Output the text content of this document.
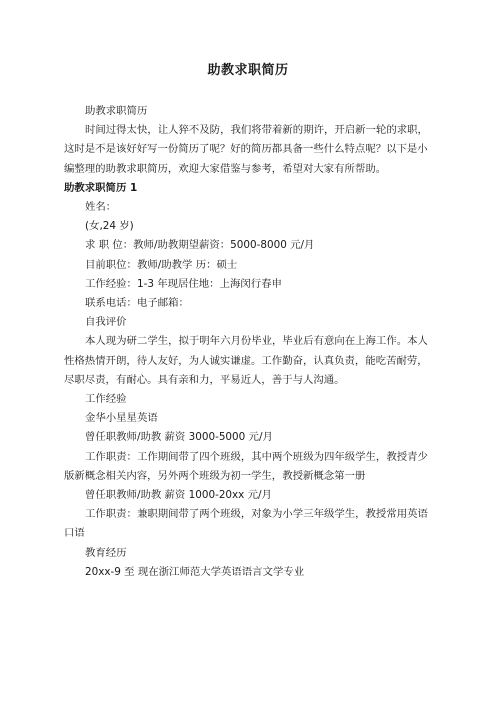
助教求职简历

助教求职简历

时间过得太快，让人猝不及防，我们将带着新的期许，开启新一轮的求职，这时是不是该好好写一份简历了呢？好的简历都具备一些什么特点呢？以下是小编整理的助教求职简历，欢迎大家借鉴与参考，希望对大家有所帮助。

助教求职简历 1

姓名：

(女,24 岁)

求 职 位：教师/助教期望薪资：5000-8000 元/月

目前职位：教师/助教学 历：硕士

工作经验：1-3 年现居住地：上海闵行春申

联系电话：电子邮箱：

自我评价

本人现为研二学生，拟于明年六月份毕业，毕业后有意向在上海工作。本人性格热情开朗，待人友好，为人诚实谦虚。工作勤奋，认真负责，能吃苦耐劳，尽职尽责，有耐心。具有亲和力，平易近人，善于与人沟通。

工作经验

金华小星星英语

曾任职教师/助教 薪资 3000-5000 元/月

工作职责：工作期间带了四个班级，其中两个班级为四年级学生，教授青少版新概念相关内容，另外两个班级为初一学生，教授新概念第一册

曾任职教师/助教 薪资 1000-20xx 元/月

工作职责：兼职期间带了两个班级，对象为小学三年级学生，教授常用英语口语

教育经历

20xx-9 至 现在浙江师范大学英语语言文学专业
